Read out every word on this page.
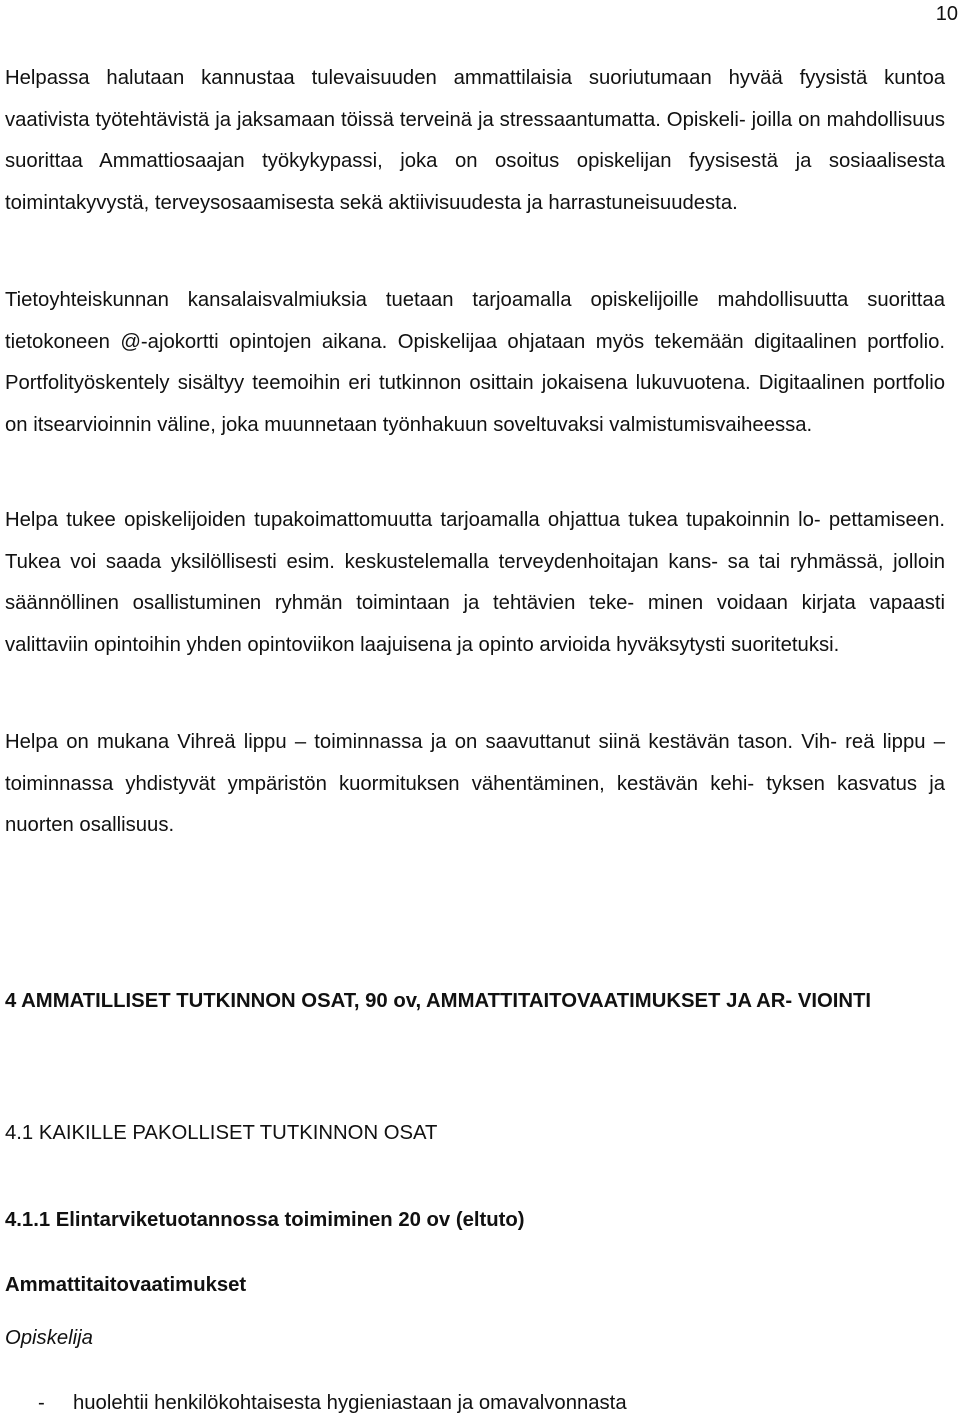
10

Helpassa halutaan kannustaa tulevaisuuden ammattilaisia suoriutumaan hyvää fyysistä kuntoa vaativista työtehtävistä ja jaksamaan töissä terveinä ja stressaantumatta. Opiskeli- joilla on mahdollisuus suorittaa Ammattiosaajan työkykypassi, joka on osoitus opiskelijan fyysisestä ja sosiaalisesta toimintakyvystä, terveysosaamisesta sekä aktiivisuudesta ja harrastuneisuudesta.

Tietoyhteiskunnan kansalaisvalmiuksia tuetaan tarjoamalla opiskelijoille mahdollisuutta suorittaa tietokoneen @-ajokortti opintojen aikana. Opiskelijaa ohjataan myös tekemään digitaalinen portfolio. Portfolityöskentely sisältyy teemoihin eri tutkinnon osittain jokaisena lukuvuotena. Digitaalinen portfolio on itsearvioinnin väline, joka muunnetaan työnhakuun soveltuvaksi valmistumisvaiheessa.

Helpa tukee opiskelijoiden tupakoimattomuutta tarjoamalla ohjattua tukea tupakoinnin lo- pettamiseen. Tukea voi saada yksilöllisesti esim. keskustelemalla terveydenhoitajan kans- sa tai ryhmässä, jolloin säännöllinen osallistuminen ryhmän toimintaan ja tehtävien teke- minen voidaan kirjata vapaasti valittaviin opintoihin yhden opintoviikon laajuisena ja opinto arvioida hyväksytysti suoritetuksi.

Helpa on mukana Vihreä lippu – toiminnassa ja on saavuttanut siinä kestävän tason. Vih- reä lippu – toiminnassa yhdistyvät ympäristön kuormituksen vähentäminen, kestävän kehi- tyksen kasvatus ja nuorten osallisuus.

4 AMMATILLISET TUTKINNON OSAT, 90 ov, AMMATTITAITOVAATIMUKSET JA AR- VIOINTI
4.1 KAIKILLE PAKOLLISET TUTKINNON OSAT
4.1.1 Elintarviketuotannossa toimiminen 20 ov (eltuto)
Ammattitaitovaatimukset

Opiskelija

-	huolehtii henkilökohtaisesta hygieniastaan ja omavalvonnasta
